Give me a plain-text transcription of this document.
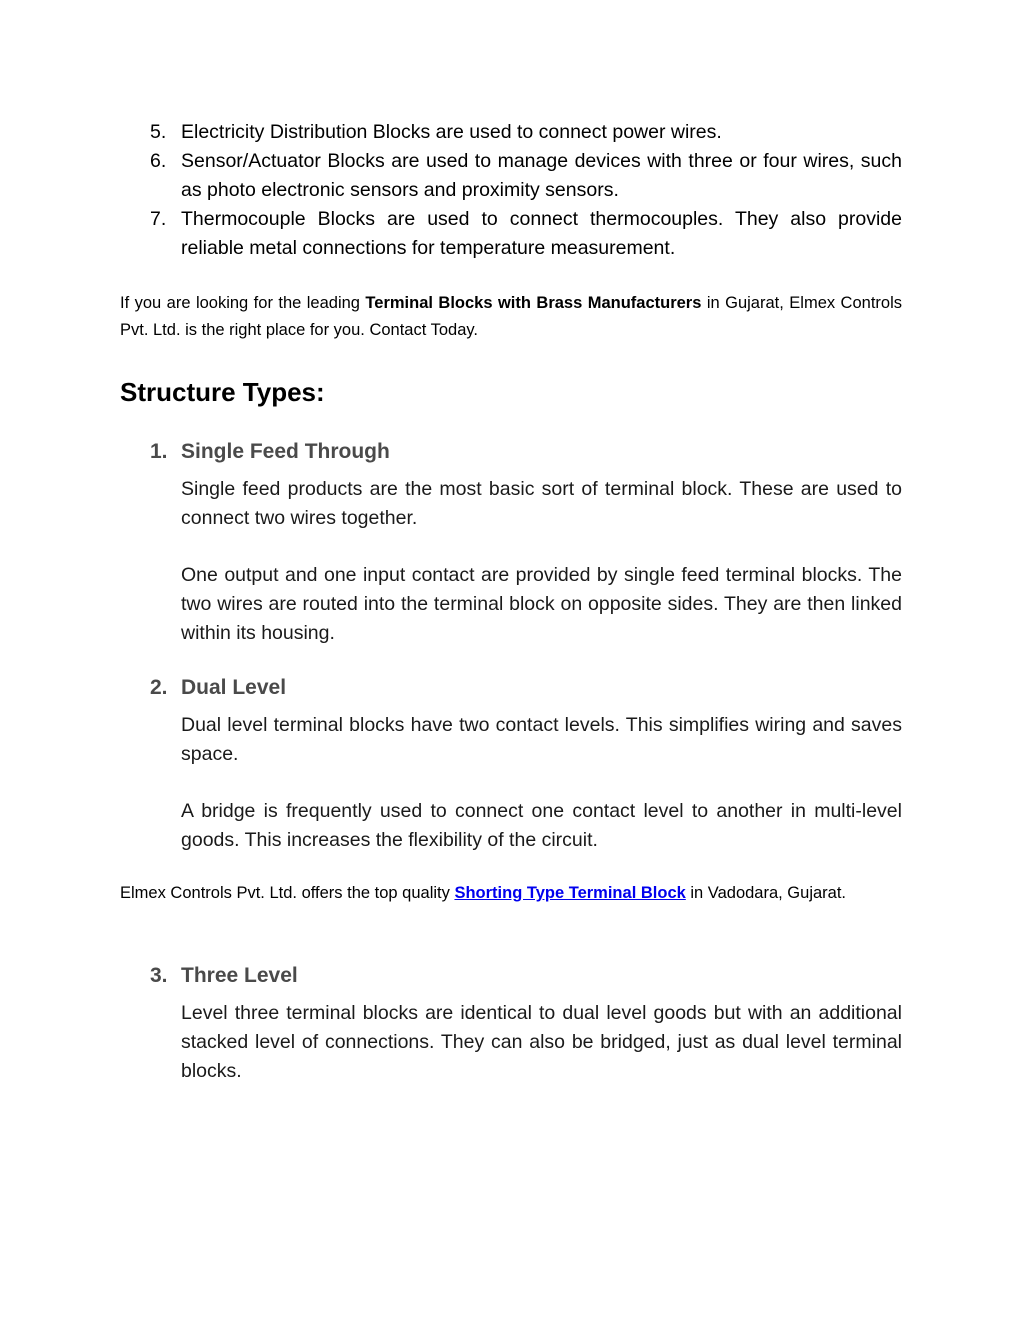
5. Electricity Distribution Blocks are used to connect power wires.
6. Sensor/Actuator Blocks are used to manage devices with three or four wires, such as photo electronic sensors and proximity sensors.
7. Thermocouple Blocks are used to connect thermocouples. They also provide reliable metal connections for temperature measurement.
If you are looking for the leading Terminal Blocks with Brass Manufacturers in Gujarat, Elmex Controls Pvt. Ltd. is the right place for you. Contact Today.
Structure Types:
1. Single Feed Through
Single feed products are the most basic sort of terminal block. These are used to connect two wires together.
One output and one input contact are provided by single feed terminal blocks. The two wires are routed into the terminal block on opposite sides. They are then linked within its housing.
2. Dual Level
Dual level terminal blocks have two contact levels. This simplifies wiring and saves space.
A bridge is frequently used to connect one contact level to another in multi-level goods. This increases the flexibility of the circuit.
Elmex Controls Pvt. Ltd. offers the top quality Shorting Type Terminal Block in Vadodara, Gujarat.
3. Three Level
Level three terminal blocks are identical to dual level goods but with an additional stacked level of connections. They can also be bridged, just as dual level terminal blocks.
